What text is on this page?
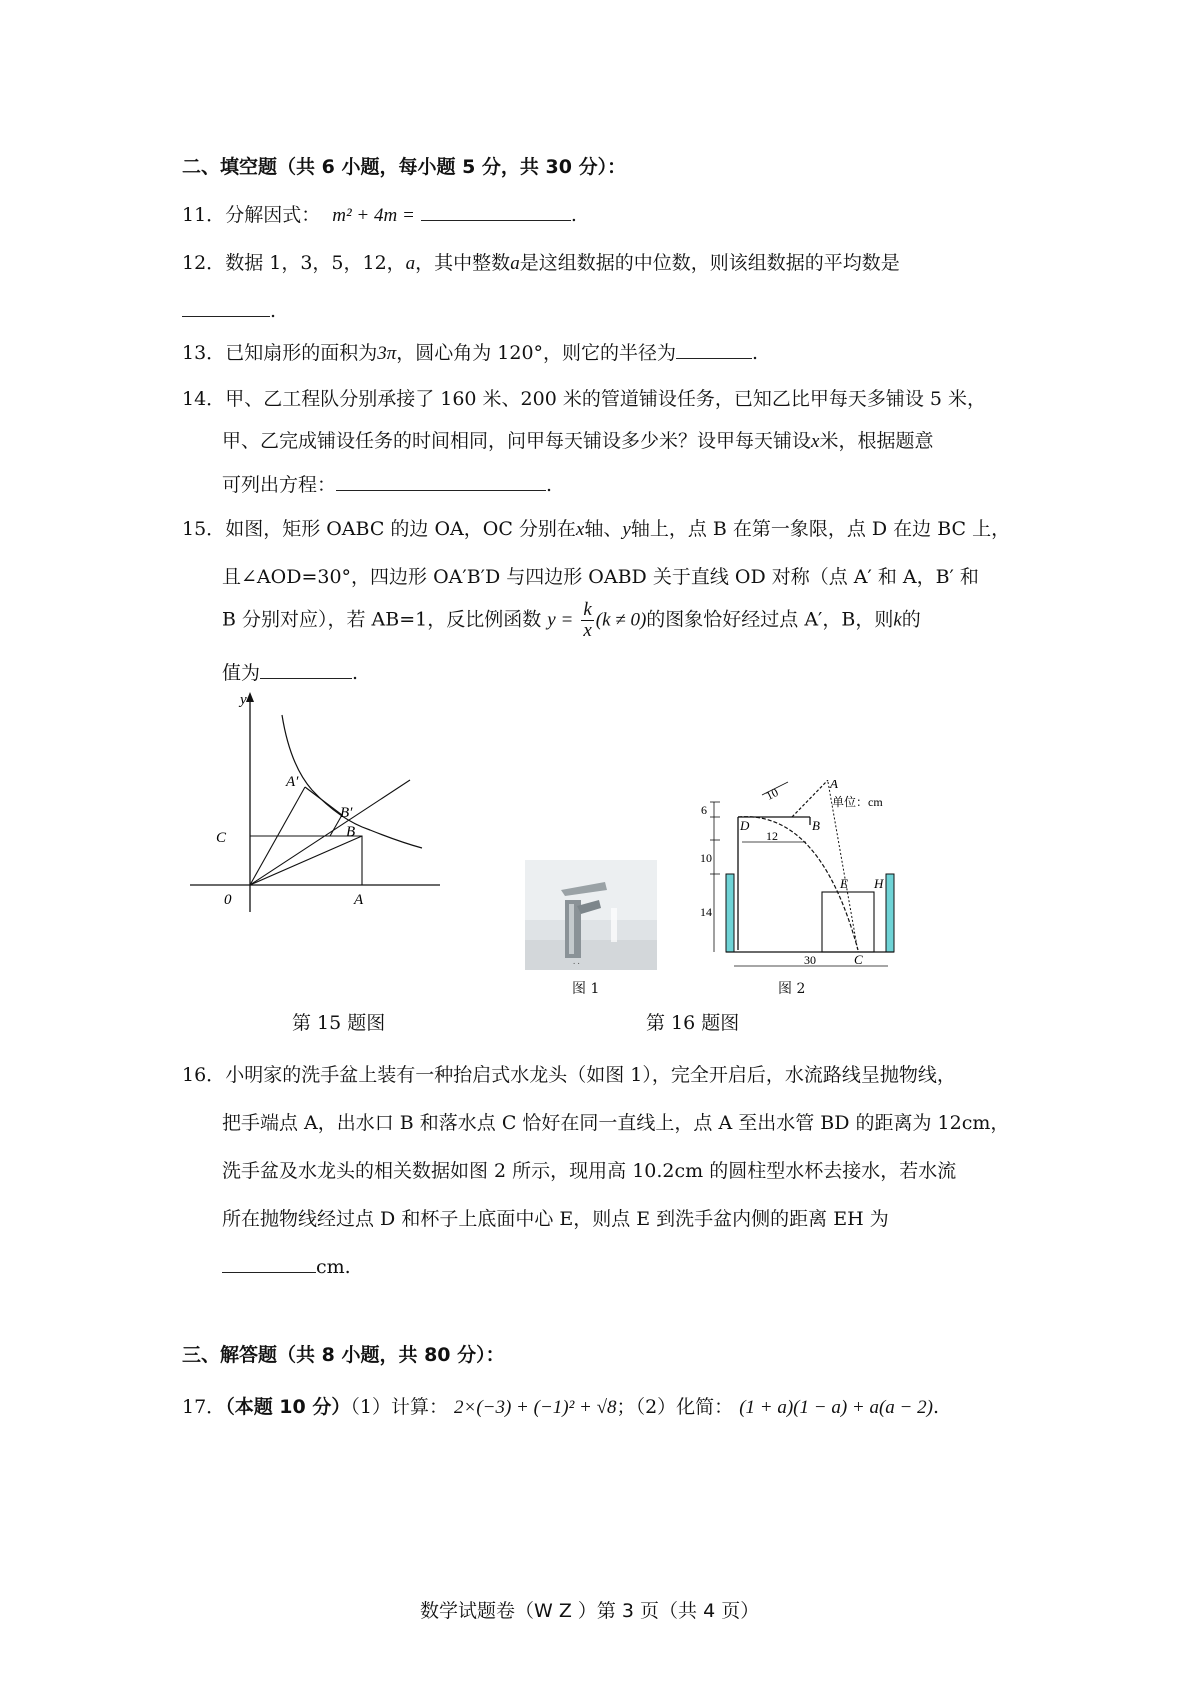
二、填空题（共 6 小题，每小题 5 分，共 30 分）：
11．分解因式： m² + 4m =	.
12．数据 1，3，5，12，a，其中整数a是这组数据的中位数，则该组数据的平均数是
.
13．已知扇形的面积为3π，圆心角为 120°，则它的半径为	.
14．甲、乙工程队分别承接了 160 米、200 米的管道铺设任务，已知乙比甲每天多铺设 5 米，
甲、乙完成铺设任务的时间相同，问甲每天铺设多少米？设甲每天铺设x米，根据题意
可列出方程：	.
15．如图，矩形 OABC 的边 OA，OC 分别在x轴、y轴上，点 B 在第一象限，点 D 在边 BC 上，
且∠AOD=30°，四边形 OA′B′D 与四边形 OABD 关于直线 OD 对称（点 A′ 和 A，B′ 和
B 分别对应），若 AB=1，反比例函数 $y = \frac{k}{x} (k \ne 0)$的图象恰好经过点 A′，B，则k的
值为	.
y
A′
B′
C	B
0	A
第 15 题图
. .
图 1
A
10	单位：cm
6
D	B
12
10
E H
14
C
30
图 2
第 16 题图
16．小明家的洗手盆上装有一种抬启式水龙头（如图 1），完全开启后，水流路线呈抛物线，
把手端点 A，出水口 B 和落水点 C 恰好在同一直线上，点 A 至出水管 BD 的距离为 12cm，
洗手盆及水龙头的相关数据如图 2 所示，现用高 10.2cm 的圆柱型水杯去接水，若水流
所在抛物线经过点 D 和杯子上底面中心 E，则点 E 到洗手盆内侧的距离 EH 为
cm.
三、解答题（共 8 小题，共 80 分）：
17．（本题 10 分）（1）计算： 2×(−3) + (−1)² + √8；（2）化简： (1 + a)(1 − a) + a(a − 2).
数学试题卷（W Z ）第 3 页（共 4 页）
